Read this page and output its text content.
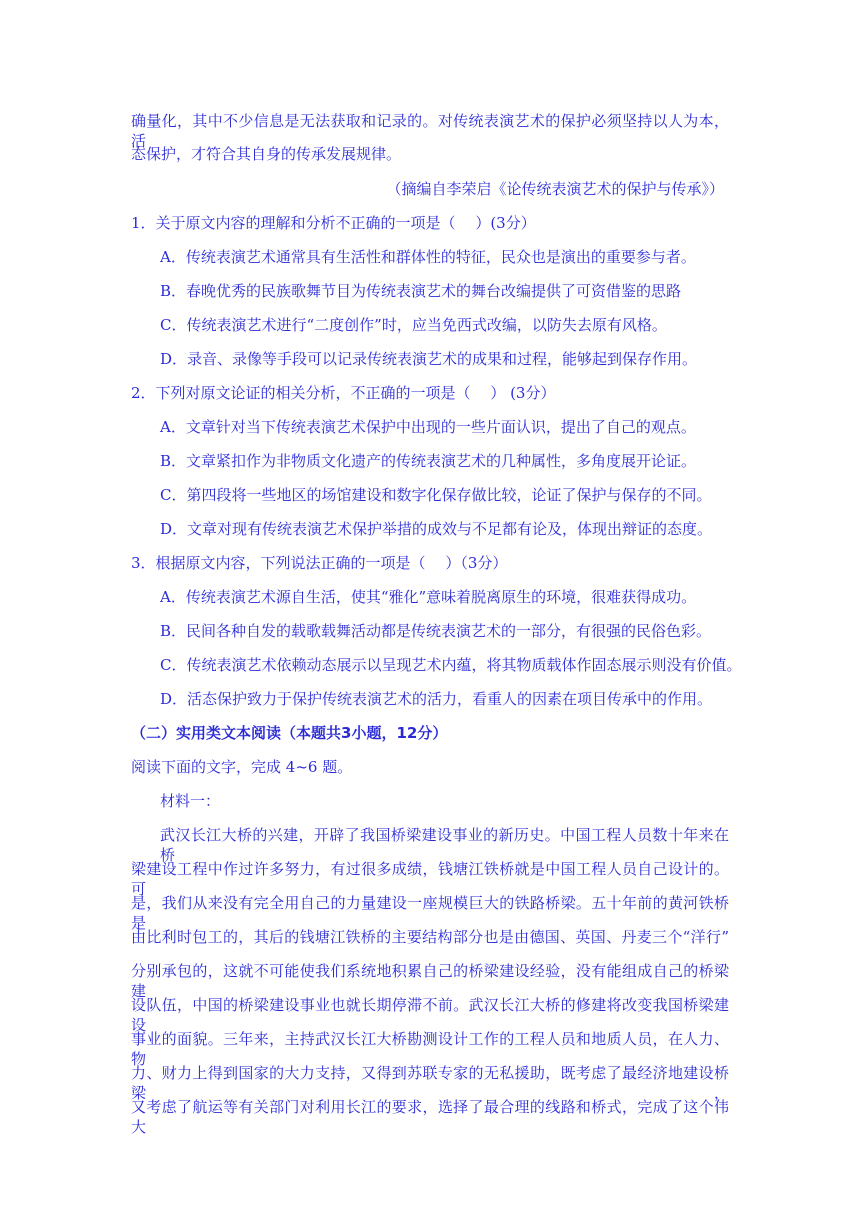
确量化，其中不少信息是无法获取和记录的。对传统表演艺术的保护必须坚持以人为本，活
态保护，才符合其自身的传承发展规律。
（摘编自李荣启《论传统表演艺术的保护与传承》）
1．关于原文内容的理解和分析不正确的一项是（　 ）(3分）
A．传统表演艺术通常具有生活性和群体性的特征，民众也是演出的重要参与者。
B．春晚优秀的民族歌舞节目为传统表演艺术的舞台改编提供了可资借鉴的思路
C．传统表演艺术进行“二度创作”时，应当免西式改编，以防失去原有风格。
D．录音、录像等手段可以记录传统表演艺术的成果和过程，能够起到保存作用。
2．下列对原文论证的相关分析，不正确的一项是（　 ） (3分）
A．文章针对当下传统表演艺术保护中出现的一些片面认识，提出了自己的观点。
B．文章紧扣作为非物质文化遗产的传统表演艺术的几种属性，多角度展开论证。
C．第四段将一些地区的场馆建设和数字化保存做比较，论证了保护与保存的不同。
D．文章对现有传统表演艺术保护举措的成效与不足都有论及，体现出辩证的态度。
3．根据原文内容，下列说法正确的一项是（　 ）（3分）
A．传统表演艺术源自生活，使其“雅化”意味着脱离原生的环境，很难获得成功。
B．民间各种自发的载歌载舞活动都是传统表演艺术的一部分，有很强的民俗色彩。
C．传统表演艺术依赖动态展示以呈现艺术内蕴，将其物质载体作固态展示则没有价值。
D．活态保护致力于保护传统表演艺术的活力，看重人的因素在项目传承中的作用。
（二）实用类文本阅读（本题共3小题，12分）
阅读下面的文字，完成 4~6 题。
材料一：
武汉长江大桥的兴建，开辟了我国桥梁建设事业的新历史。中国工程人员数十年来在桥
梁建设工程中作过许多努力，有过很多成绩，钱塘江铁桥就是中国工程人员自己设计的。可
是，我们从来没有完全用自己的力量建设一座规模巨大的铁路桥梁。五十年前的黄河铁桥是
由比利时包工的，其后的钱塘江铁桥的主要结构部分也是由德国、英国、丹麦三个“洋行”
分别承包的，这就不可能使我们系统地积累自己的桥梁建设经验，没有能组成自己的桥梁建
设队伍，中国的桥梁建设事业也就长期停滞不前。武汉长江大桥的修建将改变我国桥梁建设
事业的面貌。三年来，主持武汉长江大桥勘测设计工作的工程人员和地质人员，在人力、物
力、财力上得到国家的大力支持，又得到苏联专家的无私援助，既考虑了最经济地建设桥梁，
又考虑了航运等有关部门对利用长江的要求，选择了最合理的线路和桥式，完成了这个伟大
